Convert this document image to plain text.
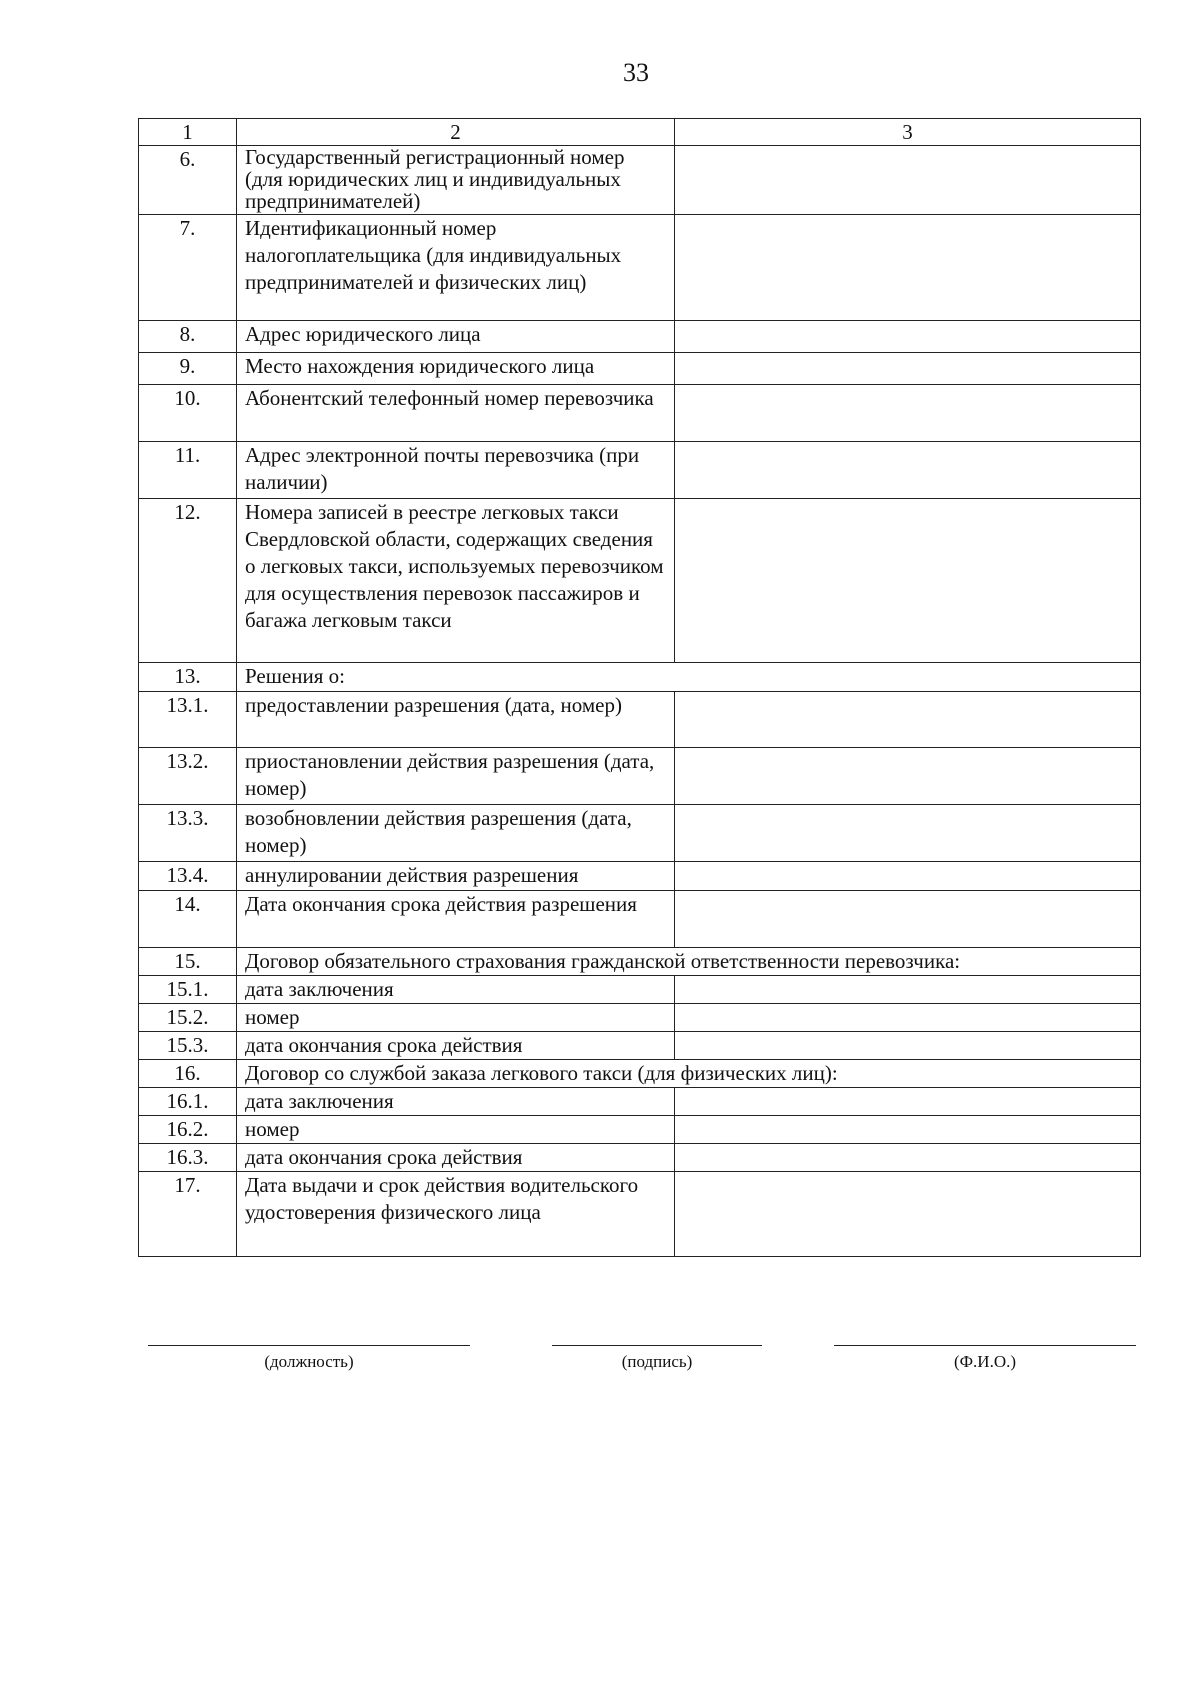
33
1	2	3
6.	Государственный регистрационный номер (для юридических лиц и индивидуальных предпринимателей)	
7.	Идентификационный номер налогоплательщика (для индивидуальных предпринимателей и физических лиц)	
8.	Адрес юридического лица	
9.	Место нахождения юридического лица	
10.	Абонентский телефонный номер перевозчика	
11.	Адрес электронной почты перевозчика (при наличии)	
12.	Номера записей в реестре легковых такси Свердловской области, содержащих сведения о легковых такси, используемых перевозчиком для осуществления перевозок пассажиров и багажа легковым такси	
13.	Решения о:	
13.1.	предоставлении разрешения (дата, номер)	
13.2.	приостановлении действия разрешения (дата, номер)	
13.3.	возобновлении действия разрешения (дата, номер)	
13.4.	аннулировании действия разрешения	
14.	Дата окончания срока действия разрешения	
15.	Договор обязательного страхования гражданской ответственности перевозчика:	
15.1.	дата заключения	
15.2.	номер	
15.3.	дата окончания срока действия	
16.	Договор со службой заказа легкового такси (для физических лиц):	
16.1.	дата заключения	
16.2.	номер	
16.3.	дата окончания срока действия	
17.	Дата выдачи и срок действия водительского удостоверения физического лица	
(должность)	(подпись)	(Ф.И.О.)
